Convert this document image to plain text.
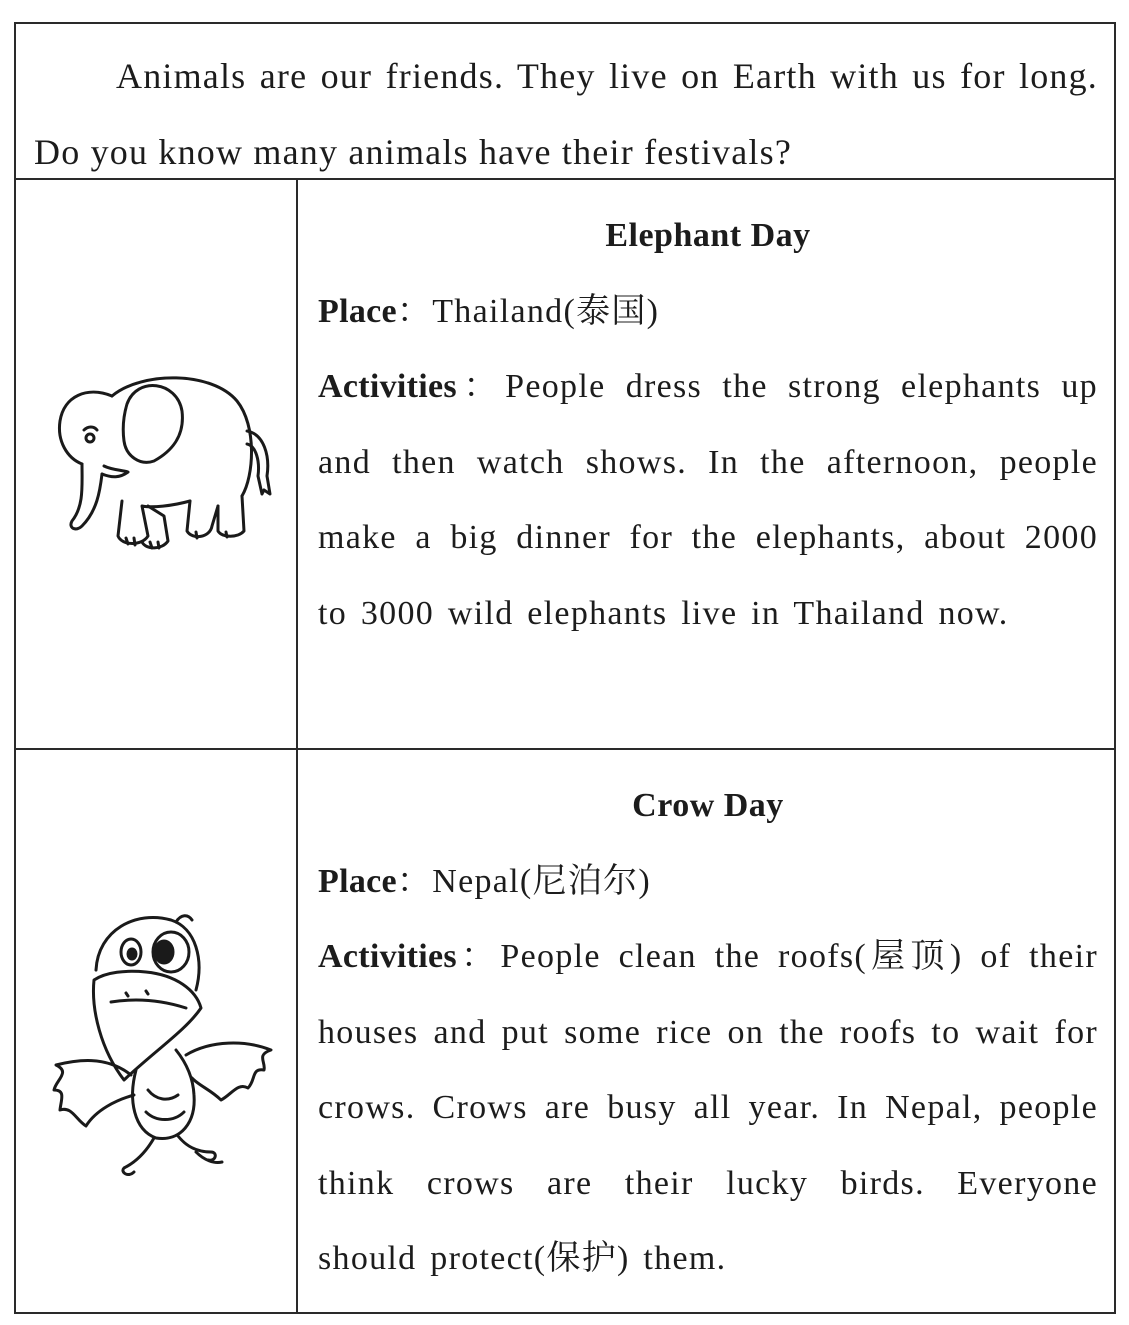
Animals are our friends. They live on Earth with us for long. Do you know many animals have their festivals?

Elephant Day

Place：Thailand(泰国)

Activities：People dress the strong elephants up and then watch shows. In the afternoon, people make a big dinner for the elephants, about 2000 to 3000 wild elephants live in Thailand now.

Crow Day

Place：Nepal(尼泊尔)

Activities：People clean the roofs(屋顶) of their houses and put some rice on the roofs to wait for crows. Crows are busy all year. In Nepal, people think crows are their lucky birds. Everyone should protect(保护) them.
